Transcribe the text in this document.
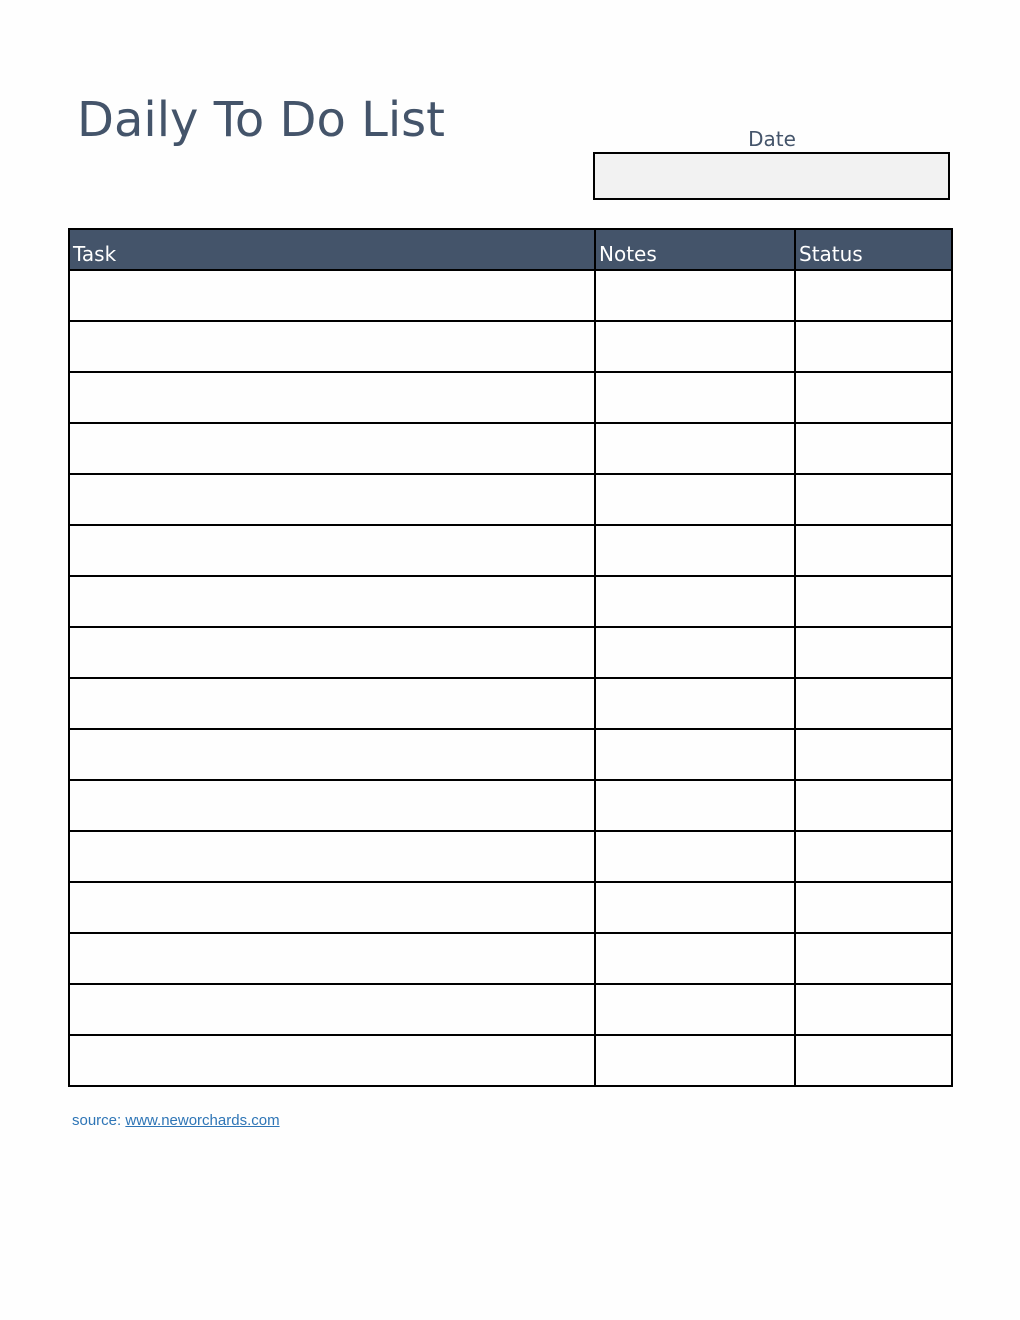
Daily To Do List	Date
Task	Notes	Status

source: www.neworchards.com
